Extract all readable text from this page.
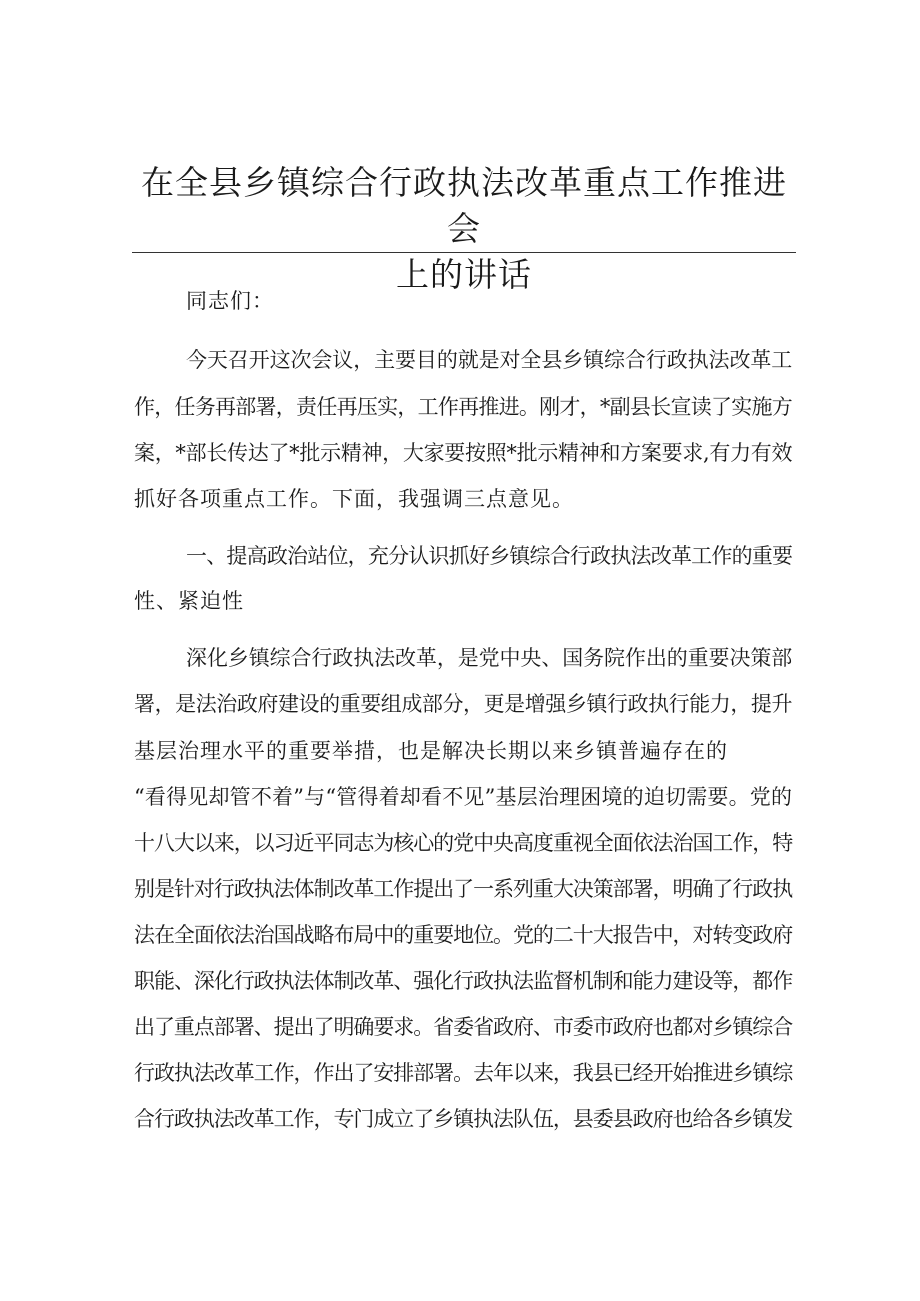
在全县乡镇综合行政执法改革重点工作推进会
上的讲话
同志们：
今天召开这次会议，主要目的就是对全县乡镇综合行政执法改革工
作，任务再部署，责任再压实，工作再推进。刚才，*副县长宣读了实施方
案，*部长传达了*批示精神，大家要按照*批示精神和方案要求,有力有效
抓好各项重点工作。下面，我强调三点意见。
一、提高政治站位，充分认识抓好乡镇综合行政执法改革工作的重要
性、紧迫性
深化乡镇综合行政执法改革，是党中央、国务院作出的重要决策部
署，是法治政府建设的重要组成部分，更是增强乡镇行政执行能力，提升
基层治理水平的重要举措，也是解决长期以来乡镇普遍存在的
“看得见却管不着”与“管得着却看不见”基层治理困境的迫切需要。党的
十八大以来，以习近平同志为核心的党中央高度重视全面依法治国工作，特
别是针对行政执法体制改革工作提出了一系列重大决策部署，明确了行政执
法在全面依法治国战略布局中的重要地位。党的二十大报告中，对转变政府
职能、深化行政执法体制改革、强化行政执法监督机制和能力建设等，都作
出了重点部署、提出了明确要求。省委省政府、市委市政府也都对乡镇综合
行政执法改革工作，作出了安排部署。去年以来，我县已经开始推进乡镇综
合行政执法改革工作，专门成立了乡镇执法队伍，县委县政府也给各乡镇发
